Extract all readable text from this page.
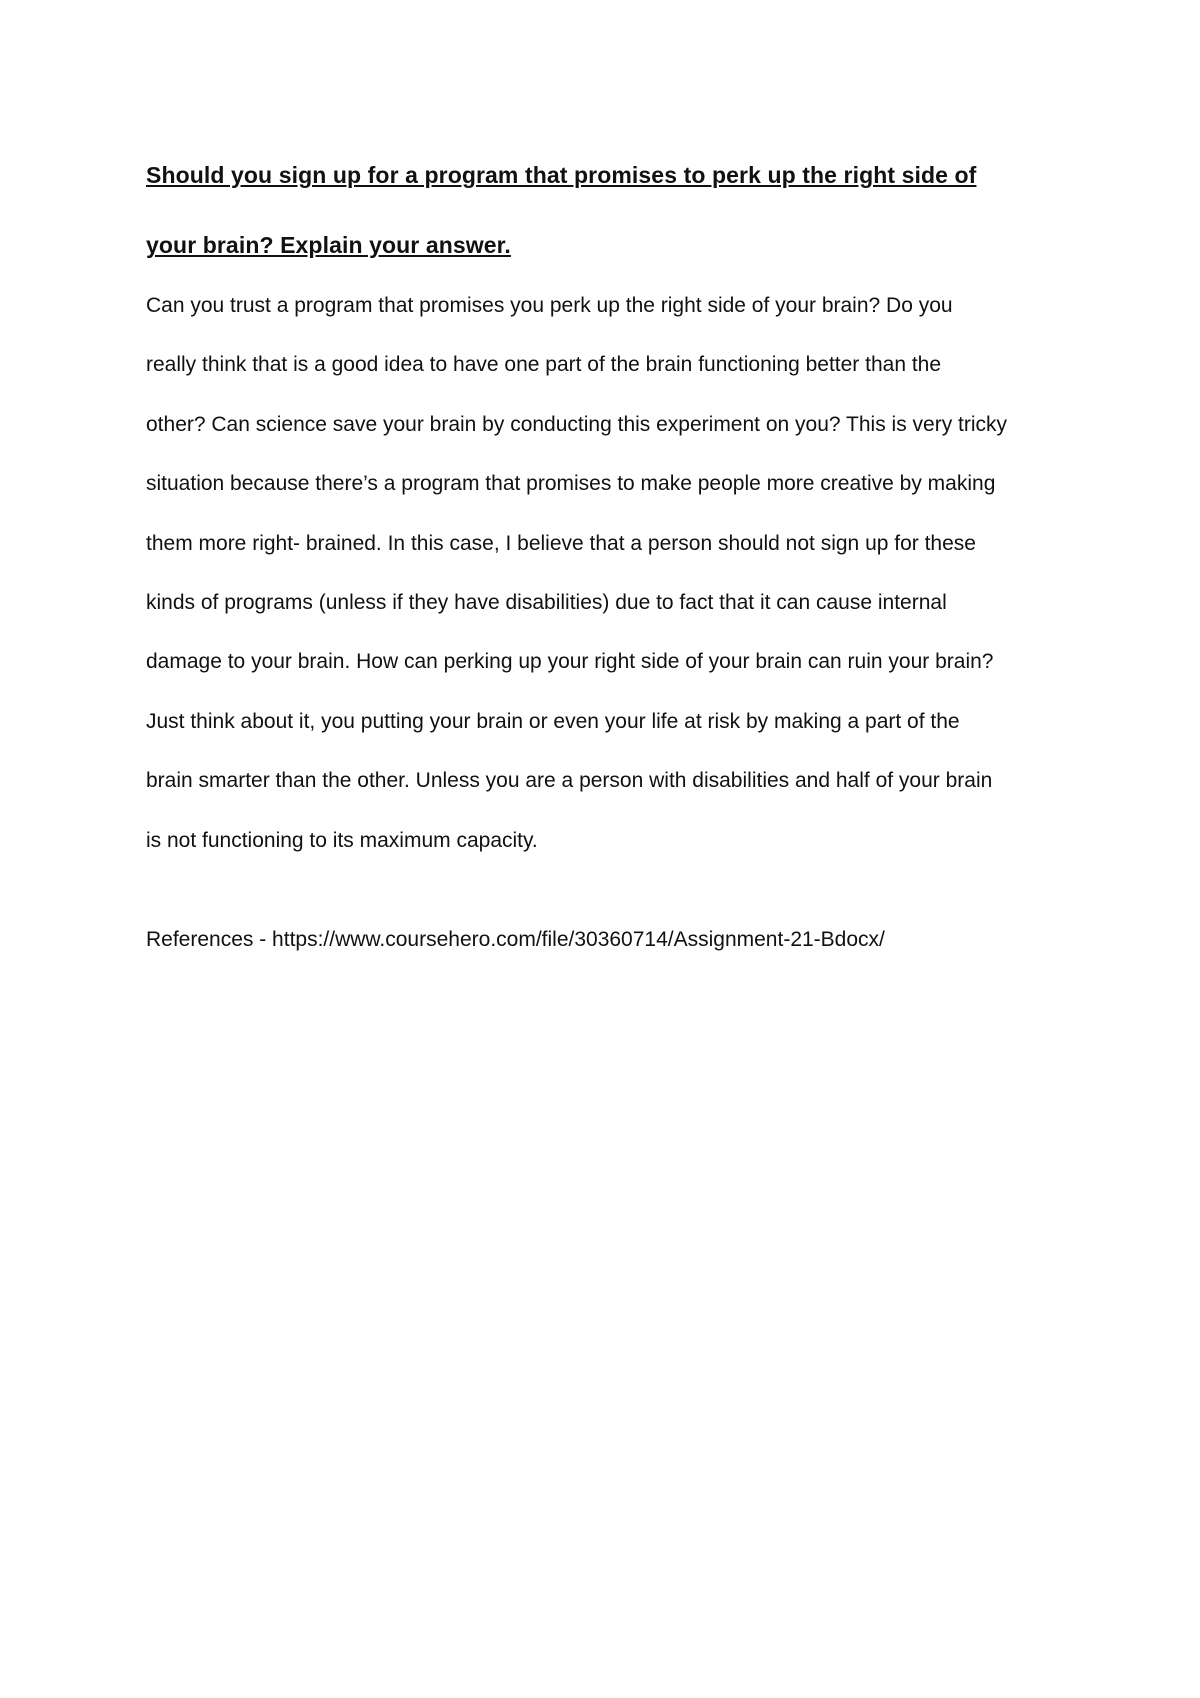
Should you sign up for a program that promises to perk up the right side of
your brain? Explain your answer.
Can you trust a program that promises you perk up the right side of your brain? Do you
really think that is a good idea to have one part of the brain functioning better than the
other? Can science save your brain by conducting this experiment on you? This is very tricky
situation because there’s a program that promises to make people more creative by making
them more right- brained. In this case, I believe that a person should not sign up for these
kinds of programs (unless if they have disabilities) due to fact that it can cause internal
damage to your brain. How can perking up your right side of your brain can ruin your brain?
Just think about it, you putting your brain or even your life at risk by making a part of the
brain smarter than the other. Unless you are a person with disabilities and half of your brain
is not functioning to its maximum capacity.
References - https://www.coursehero.com/file/30360714/Assignment-21-Bdocx/
